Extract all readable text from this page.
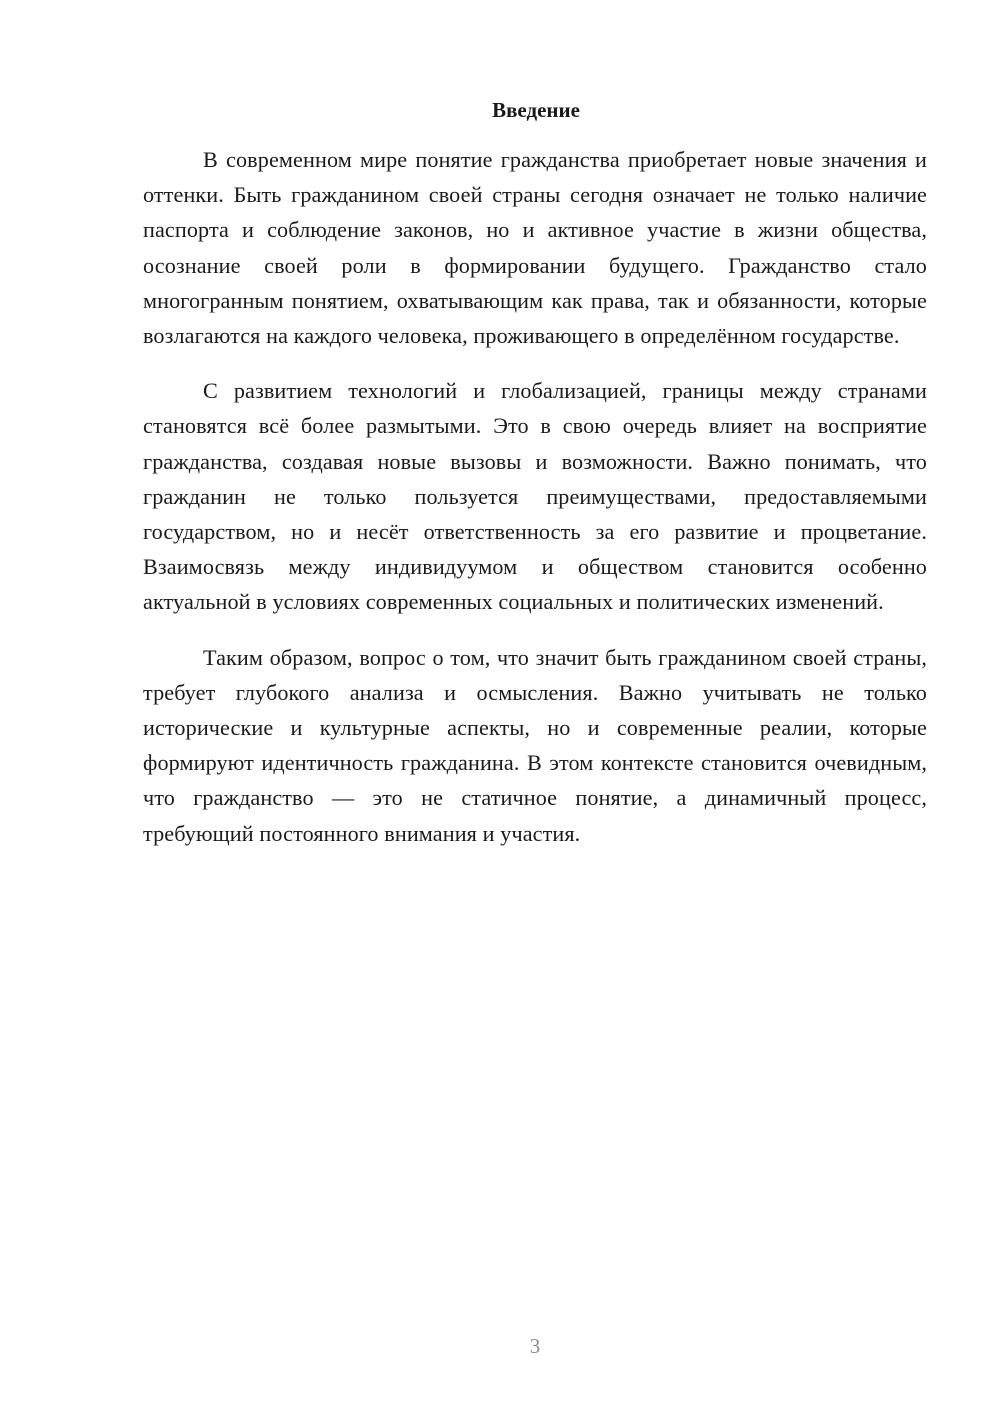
Введение

В современном мире понятие гражданства приобретает новые значения и оттенки. Быть гражданином своей страны сегодня означает не только наличие паспорта и соблюдение законов, но и активное участие в жизни общества, осознание своей роли в формировании будущего. Гражданство стало многогранным понятием, охватывающим как права, так и обязанности, которые возлагаются на каждого человека, проживающего в определённом государстве.

С развитием технологий и глобализацией, границы между странами становятся всё более размытыми. Это в свою очередь влияет на восприятие гражданства, создавая новые вызовы и возможности. Важно понимать, что гражданин не только пользуется преимуществами, предоставляемыми государством, но и несёт ответственность за его развитие и процветание. Взаимосвязь между индивидуумом и обществом становится особенно актуальной в условиях современных социальных и политических изменений.

Таким образом, вопрос о том, что значит быть гражданином своей страны, требует глубокого анализа и осмысления. Важно учитывать не только исторические и культурные аспекты, но и современные реалии, которые формируют идентичность гражданина. В этом контексте становится очевидным, что гражданство — это не статичное понятие, а динамичный процесс, требующий постоянного внимания и участия.

3
